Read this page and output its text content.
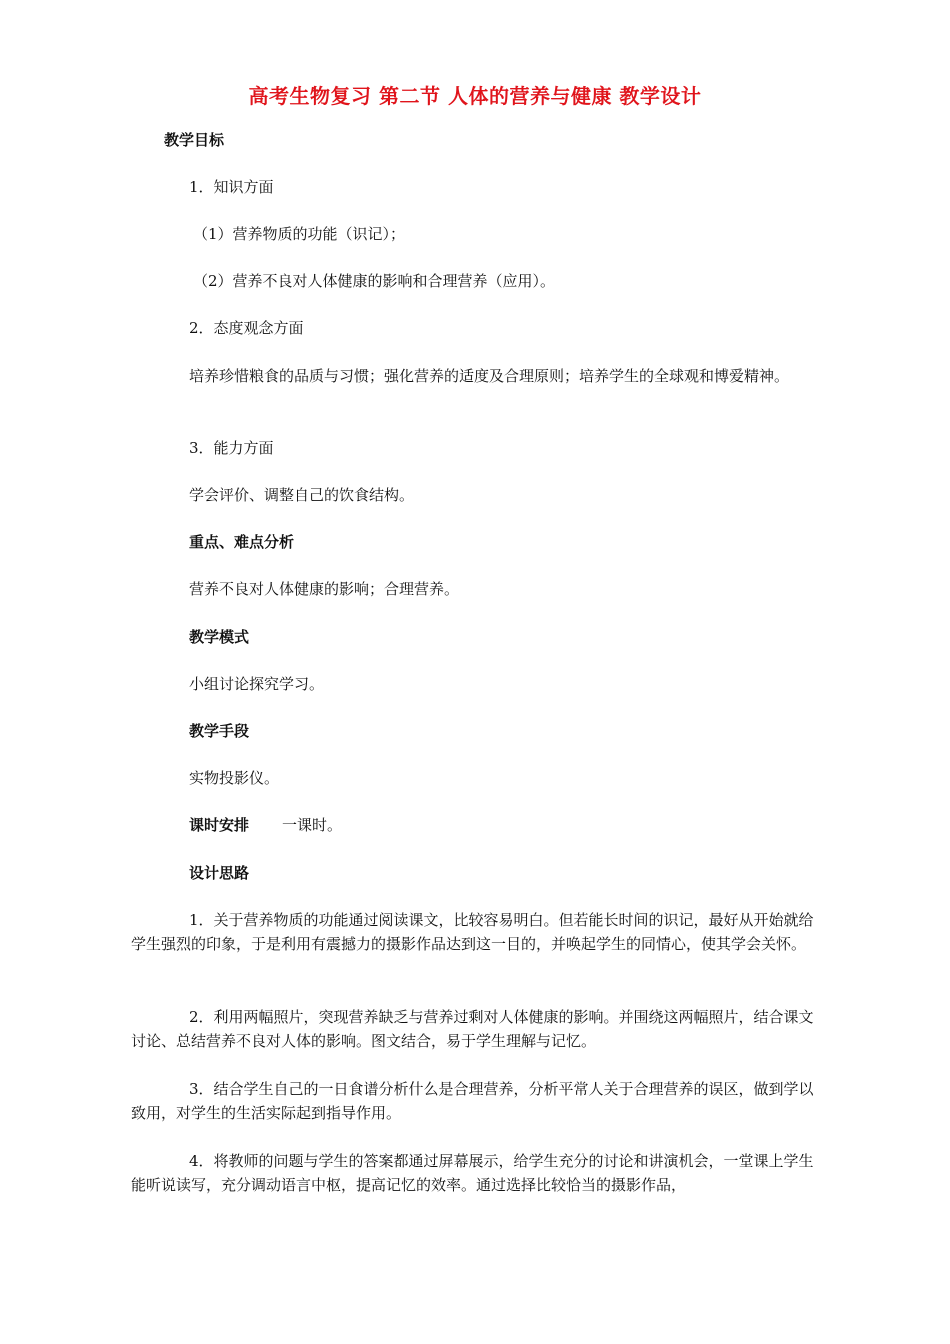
高考生物复习 第二节 人体的营养与健康 教学设计

教学目标

1．知识方面

（1）营养物质的功能（识记）；

（2）营养不良对人体健康的影响和合理营养（应用）。

2．态度观念方面

培养珍惜粮食的品质与习惯；强化营养的适度及合理原则；培养学生的全球观和博爱精神。

3．能力方面

学会评价、调整自己的饮食结构。

重点、难点分析

营养不良对人体健康的影响；合理营养。

教学模式

小组讨论探究学习。

教学手段

实物投影仪。

课时安排 一课时。

设计思路

1．关于营养物质的功能通过阅读课文，比较容易明白。但若能长时间的识记，最好从开始就给学生强烈的印象，于是利用有震撼力的摄影作品达到这一目的，并唤起学生的同情心，使其学会关怀。

2．利用两幅照片，突现营养缺乏与营养过剩对人体健康的影响。并围绕这两幅照片，结合课文讨论、总结营养不良对人体的影响。图文结合，易于学生理解与记忆。

3．结合学生自己的一日食谱分析什么是合理营养，分析平常人关于合理营养的误区，做到学以致用，对学生的生活实际起到指导作用。

4．将教师的问题与学生的答案都通过屏幕展示，给学生充分的讨论和讲演机会，一堂课上学生能听说读写，充分调动语言中枢，提高记忆的效率。通过选择比较恰当的摄影作品，
